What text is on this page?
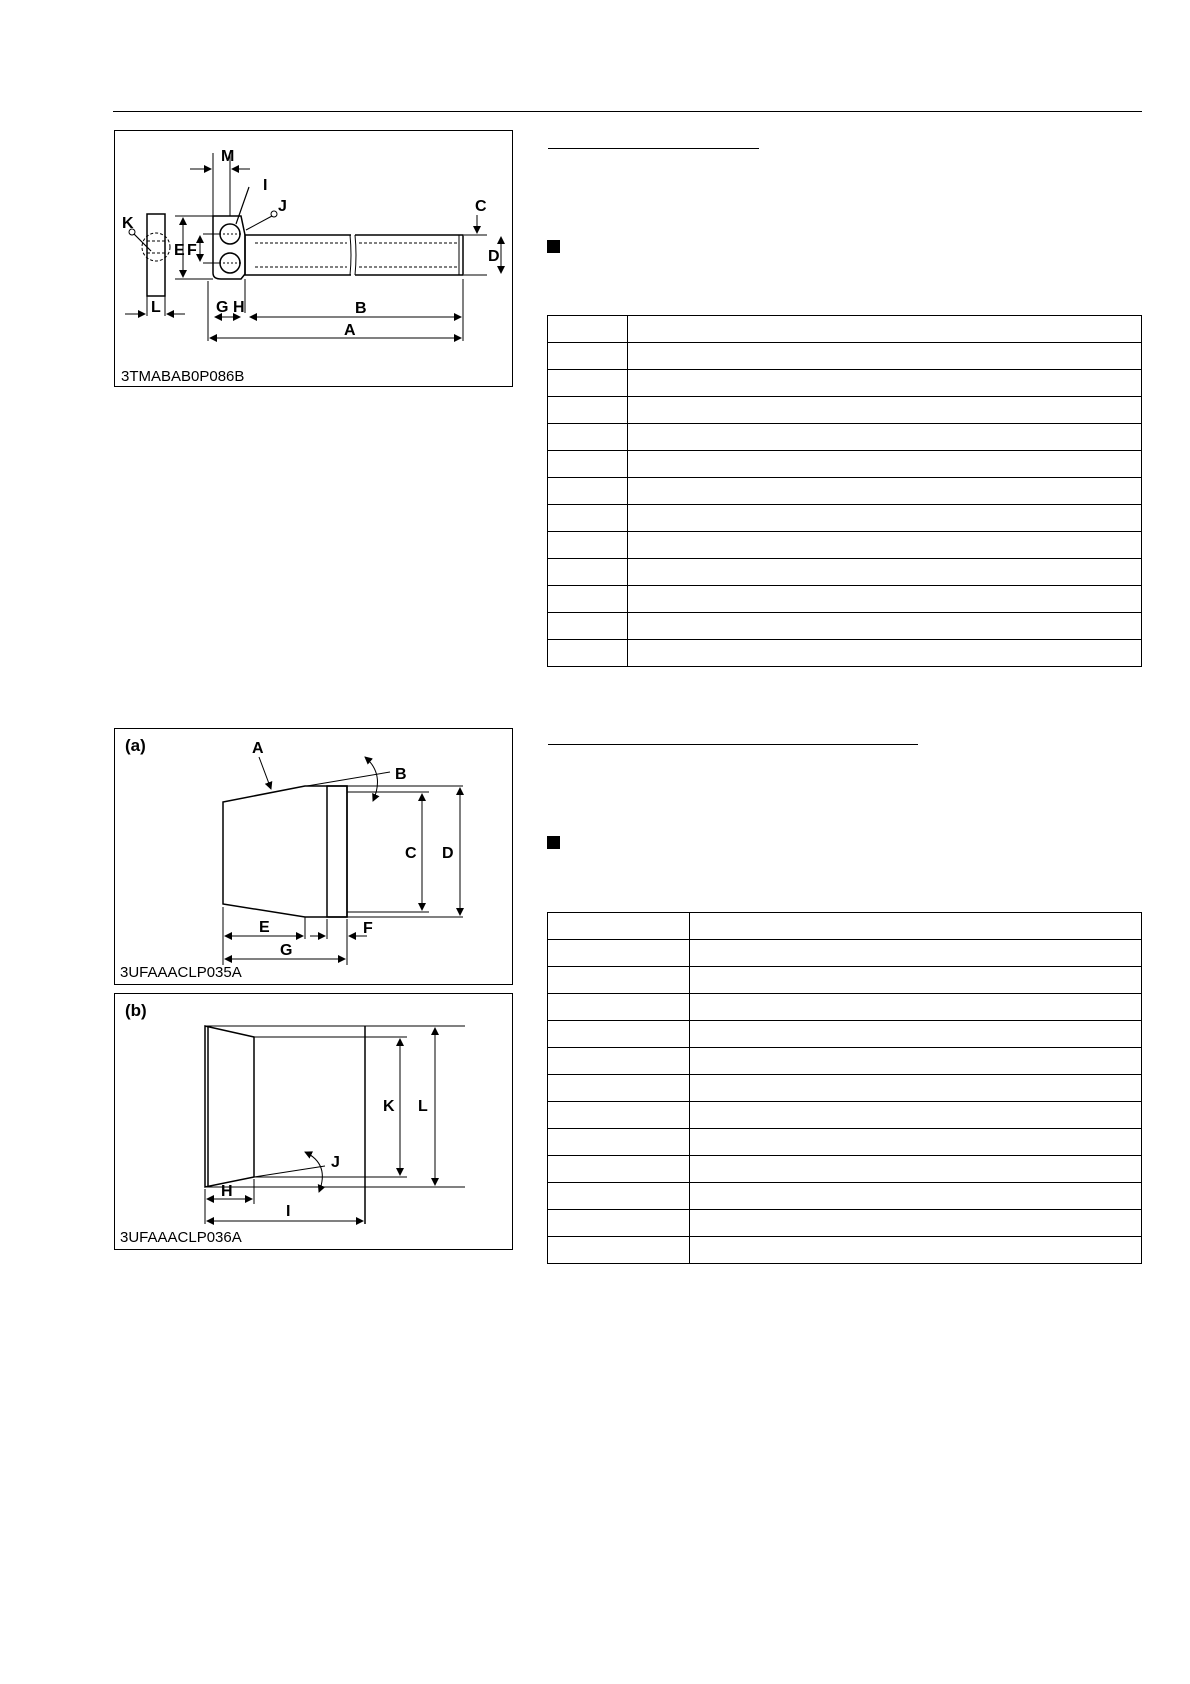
M
I
J	C
K
E F	D
L	G H	B
A
3TMABAB0P086B
(a)	A
B
C D
E	F
G
3UFAAACLP035A
(b)
H
I
J
K L
3UFAAACLP036A
